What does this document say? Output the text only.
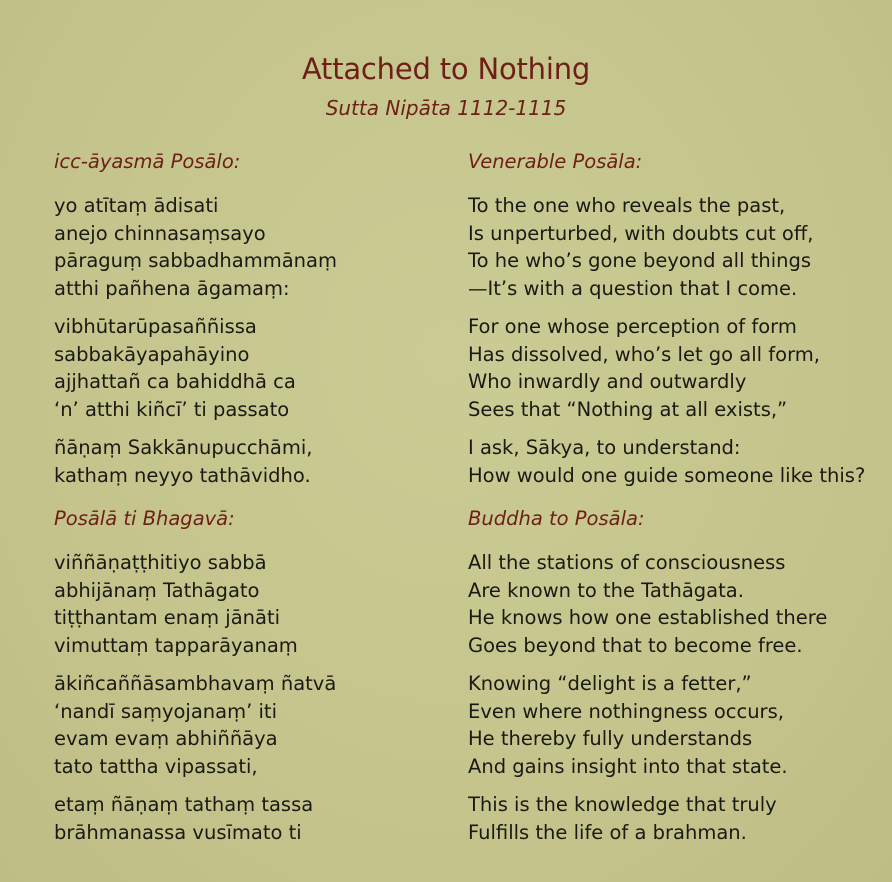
Attached to Nothing
Sutta Nipāta 1112-1115
icc-āyasmā Posālo:
yo atītaṃ ādisati
anejo chinnasaṃsayo
pāraguṃ sabbadhammānaṃ
atthi pañhena āgamaṃ:
vibhūtarūpasaññissa
sabbakāyapahāyino
ajjhattañ ca bahiddhā ca
‘n’ atthi kiñcī’ ti passato
ñāṇaṃ Sakkānupucchāmi,
kathaṃ neyyo tathāvidho.
Posālā ti Bhagavā:
viññāṇaṭṭhitiyo sabbā
abhijānaṃ Tathāgato
tiṭṭhantam enaṃ jānāti
vimuttaṃ tapparāyanaṃ
ākiñcaññāsambhavaṃ ñatvā
‘nandī saṃyojanaṃ’ iti
evam evaṃ abhiññāya
tato tattha vipassati,
etaṃ ñāṇaṃ tathaṃ tassa
brāhmanassa vusīmato ti
Venerable Posāla:
To the one who reveals the past,
Is unperturbed, with doubts cut off,
To he who’s gone beyond all things
—It’s with a question that I come.
For one whose perception of form
Has dissolved, who’s let go all form,
Who inwardly and outwardly
Sees that “Nothing at all exists,”
I ask, Sākya, to understand:
How would one guide someone like this?
Buddha to Posāla:
All the stations of consciousness
Are known to the Tathāgata.
He knows how one established there
Goes beyond that to become free.
Knowing “delight is a fetter,”
Even where nothingness occurs,
He thereby fully understands
And gains insight into that state.
This is the knowledge that truly
Fulfills the life of a brahman.
